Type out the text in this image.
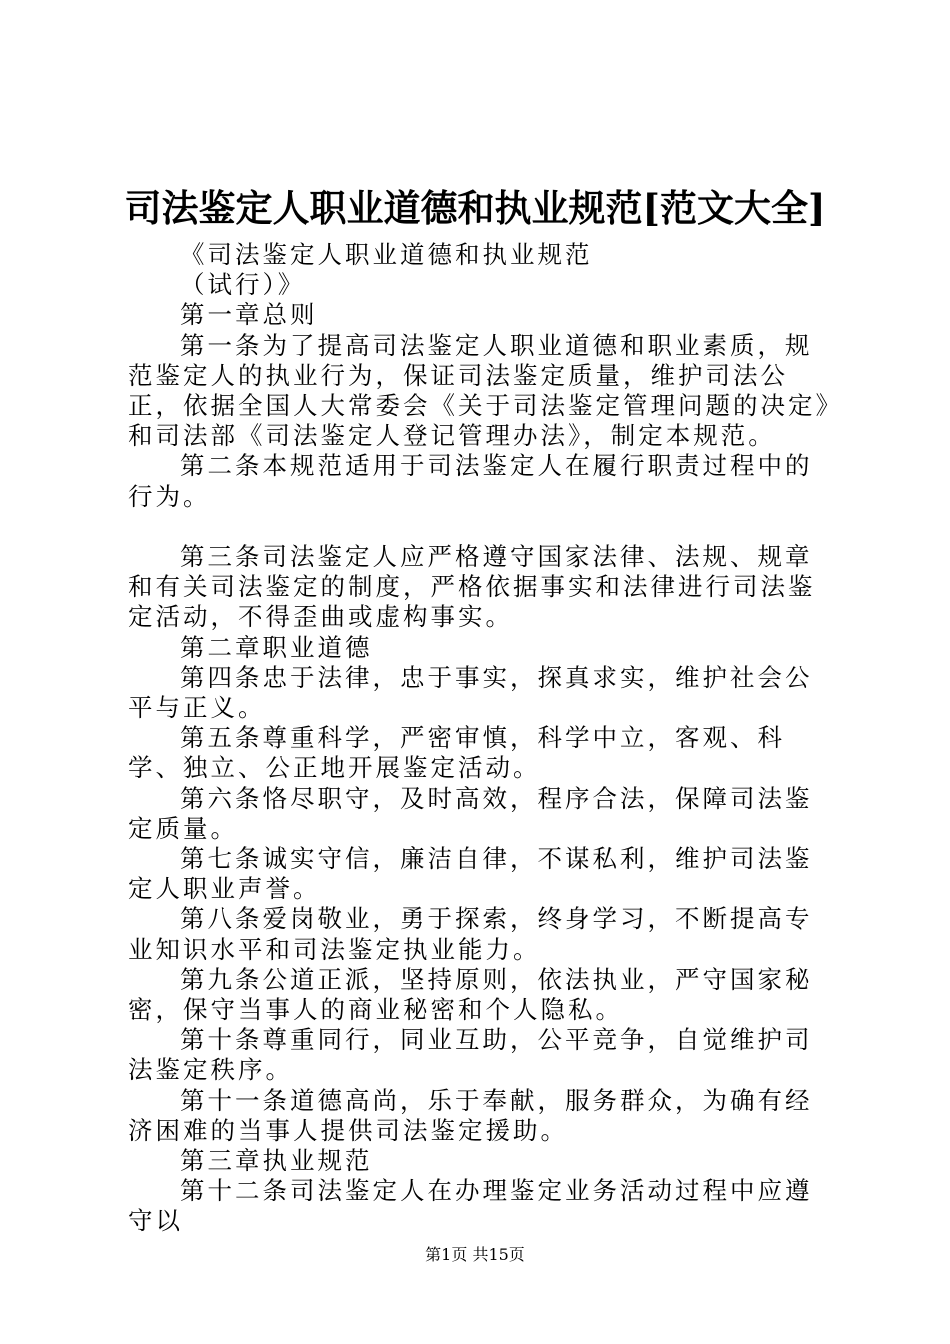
司法鉴定人职业道德和执业规范[范文大全]

《司法鉴定人职业道德和执业规范

（试行）》

第一章总则

第一条为了提高司法鉴定人职业道德和职业素质，规范鉴定人的执业行为，保证司法鉴定质量，维护司法公正，依据全国人大常委会《关于司法鉴定管理问题的决定》和司法部《司法鉴定人登记管理办法》，制定本规范。

第二条本规范适用于司法鉴定人在履行职责过程中的行为。

第三条司法鉴定人应严格遵守国家法律、法规、规章和有关司法鉴定的制度，严格依据事实和法律进行司法鉴定活动，不得歪曲或虚构事实。

第二章职业道德

第四条忠于法律，忠于事实，探真求实，维护社会公平与正义。

第五条尊重科学，严密审慎，科学中立，客观、科学、独立、公正地开展鉴定活动。

第六条恪尽职守，及时高效，程序合法，保障司法鉴定质量。

第七条诚实守信，廉洁自律，不谋私利，维护司法鉴定人职业声誉。

第八条爱岗敬业，勇于探索，终身学习，不断提高专业知识水平和司法鉴定执业能力。

第九条公道正派，坚持原则，依法执业，严守国家秘密，保守当事人的商业秘密和个人隐私。

第十条尊重同行，同业互助，公平竞争，自觉维护司法鉴定秩序。

第十一条道德高尚，乐于奉献，服务群众，为确有经济困难的当事人提供司法鉴定援助。

第三章执业规范

第十二条司法鉴定人在办理鉴定业务活动过程中应遵守以

第1页 共15页
